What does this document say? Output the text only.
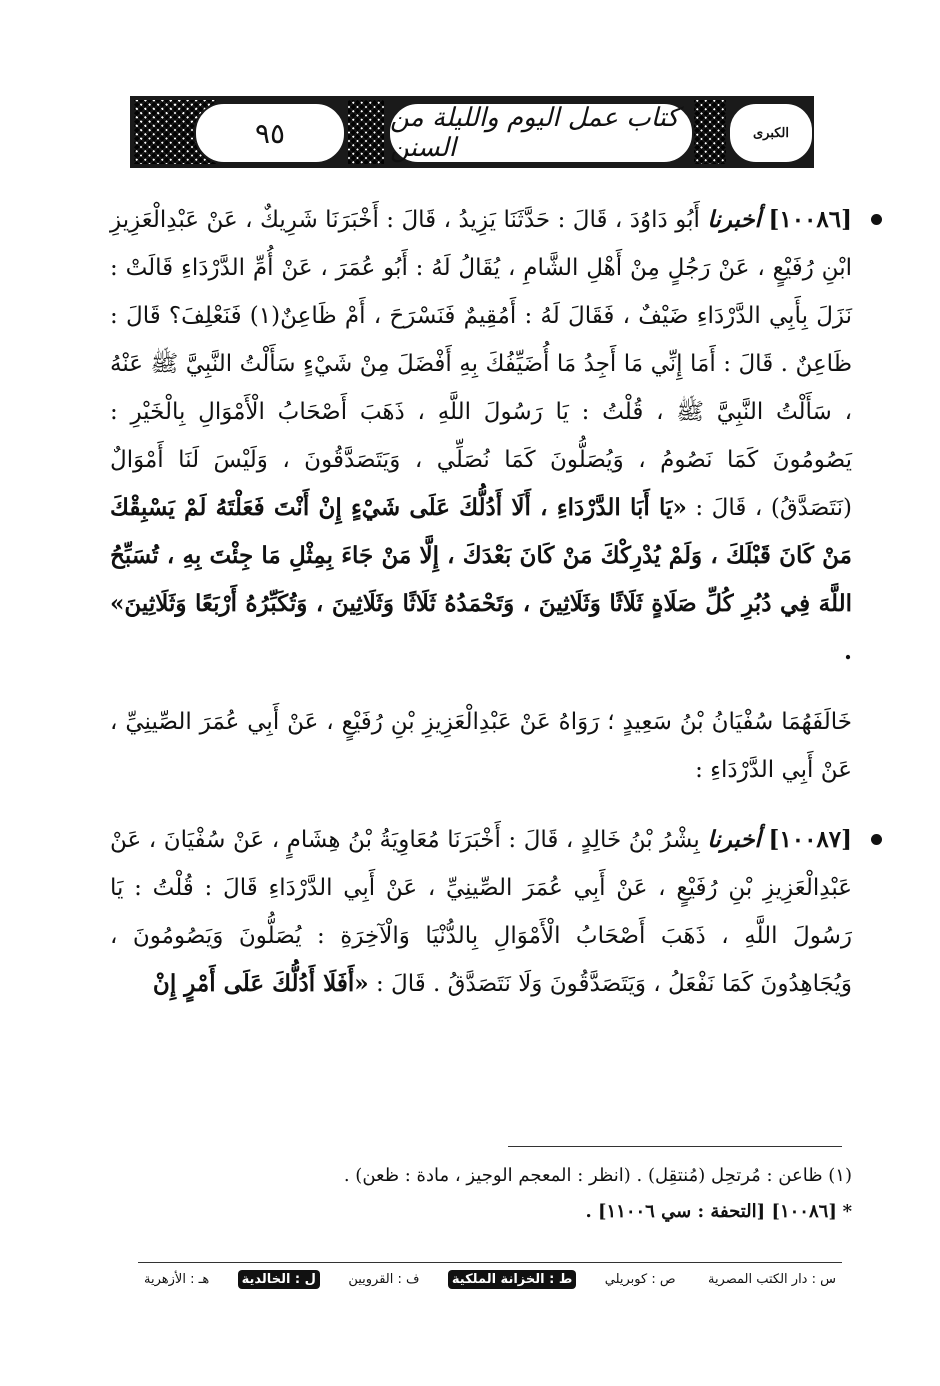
٩٥	كتاب عمل اليوم والليلة من السنن	الكبرى

[١٠٠٨٦] أخبرنا أَبُو دَاوُدَ ، قَالَ : حَدَّثَنَا يَزِيدُ ، قَالَ : أَخْبَرَنَا شَرِيكٌ ، عَنْ عَبْدِالْعَزِيزِ ابْنِ رُفَيْعٍ ، عَنْ رَجُلٍ مِنْ أَهْلِ الشَّامِ ، يُقَالُ لَهُ : أَبُو عُمَرَ ، عَنْ أُمِّ الدَّرْدَاءِ قَالَتْ : نَزَلَ بِأَبِي الدَّرْدَاءِ ضَيْفٌ ، فَقَالَ لَهُ : أَمُقِيمٌ فَنَسْرَحَ ، أَمْ ظَاعِنٌ(١) فَنَعْلِفَ؟ قَالَ : ظَاعِنٌ . قَالَ : أَمَا إِنِّي مَا أَجِدُ مَا أُضَيِّفُكَ بِهِ أَفْضَلَ مِنْ شَيْءٍ سَأَلْتُ النَّبِيَّ ﷺ عَنْهُ ، سَأَلْتُ النَّبِيَّ ﷺ ، قُلْتُ : يَا رَسُولَ اللَّهِ ، ذَهَبَ أَصْحَابُ الْأَمْوَالِ بِالْخَيْرِ : يَصُومُونَ كَمَا نَصُومُ ، وَيُصَلُّونَ كَمَا نُصَلِّي ، وَيَتَصَدَّقُونَ ، وَلَيْسَ لَنَا أَمْوَالٌ (نَتَصَدَّقُ) ، قَالَ : «يَا أَبَا الدَّرْدَاءِ ، أَلَا أَدُلُّكَ عَلَى شَيْءٍ إِنْ أَنْتَ فَعَلْتَهُ لَمْ يَسْبِقْكَ مَنْ كَانَ قَبْلَكَ ، وَلَمْ يُدْرِكْكَ مَنْ كَانَ بَعْدَكَ ، إِلَّا مَنْ جَاءَ بِمِثْلِ مَا جِئْتَ بِهِ ، تُسَبِّحُ اللَّهَ فِي دُبُرِ كُلِّ صَلَاةٍ ثَلَاثًا وَثَلَاثِينَ ، وَتَحْمَدُهُ ثَلَاثًا وَثَلَاثِينَ ، وَتُكَبِّرُهُ أَرْبَعًا وَثَلَاثِينَ» .

خَالَفَهُمَا سُفْيَانُ بْنُ سَعِيدٍ ؛ رَوَاهُ عَنْ عَبْدِالْعَزِيزِ بْنِ رُفَيْعٍ ، عَنْ أَبِي عُمَرَ الصِّينِيِّ ، عَنْ أَبِي الدَّرْدَاءِ :

[١٠٠٨٧] أخبرنا بِشْرُ بْنُ خَالِدٍ ، قَالَ : أَخْبَرَنَا مُعَاوِيَةُ بْنُ هِشَامٍ ، عَنْ سُفْيَانَ ، عَنْ عَبْدِالْعَزِيزِ بْنِ رُفَيْعٍ ، عَنْ أَبِي عُمَرَ الصِّينِيِّ ، عَنْ أَبِي الدَّرْدَاءِ قَالَ : قُلْتُ : يَا رَسُولَ اللَّهِ ، ذَهَبَ أَصْحَابُ الْأَمْوَالِ بِالدُّنْيَا وَالْآخِرَةِ : يُصَلُّونَ وَيَصُومُونَ ، وَيُجَاهِدُونَ كَمَا نَفْعَلُ ، وَيَتَصَدَّقُونَ وَلَا نَتَصَدَّقُ . قَالَ : «أَفَلَا أَدُلُّكَ عَلَى أَمْرٍ إِنْ

(١) ظاعن : مُرتحِل (مُنتقِل) . (انظر : المعجم الوجيز ، مادة : ظعن) .

* [١٠٠٨٦] [التحفة : سي ١١٠٠٦] .

س : دار الكتب المصرية
ص : كوبريلي
ط : الخزانة الملكية
ف : القرويين
ل : الخالدية
هـ : الأزهرية
